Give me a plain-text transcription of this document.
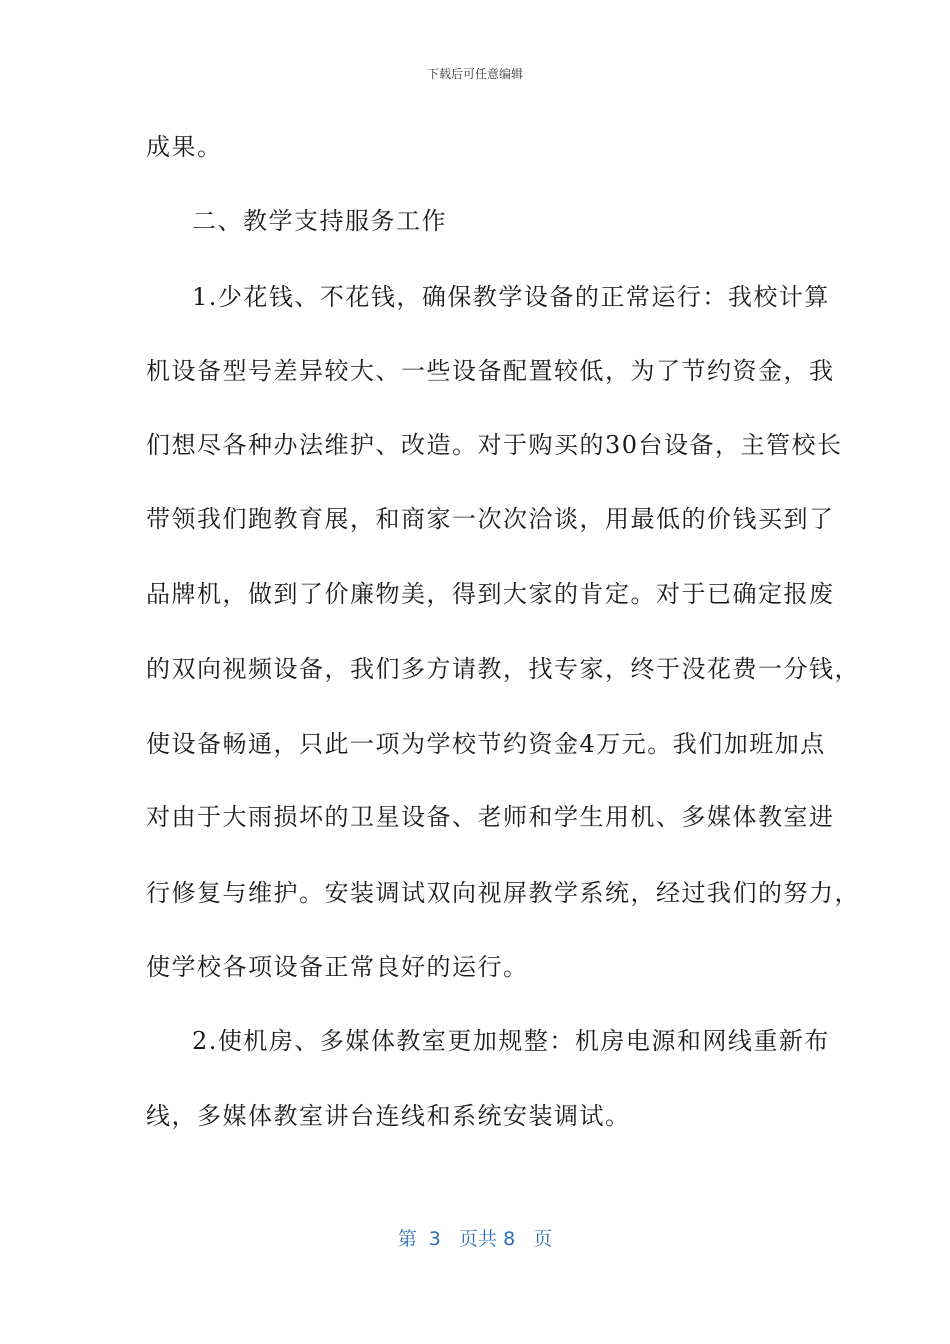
下载后可任意编辑
成果。
二、教学支持服务工作
1.少花钱、不花钱，确保教学设备的正常运行：我校计算
机设备型号差异较大、一些设备配置较低，为了节约资金，我
们想尽各种办法维护、改造。对于购买的30台设备，主管校长
带领我们跑教育展，和商家一次次洽谈，用最低的价钱买到了
品牌机，做到了价廉物美，得到大家的肯定。对于已确定报废
的双向视频设备，我们多方请教，找专家，终于没花费一分钱，
使设备畅通，只此一项为学校节约资金4万元。我们加班加点
对由于大雨损坏的卫星设备、老师和学生用机、多媒体教室进
行修复与维护。安装调试双向视屏教学系统，经过我们的努力，
使学校各项设备正常良好的运行。
2.使机房、多媒体教室更加规整：机房电源和网线重新布
线，多媒体教室讲台连线和系统安装调试。
第 3 页共 8 页
